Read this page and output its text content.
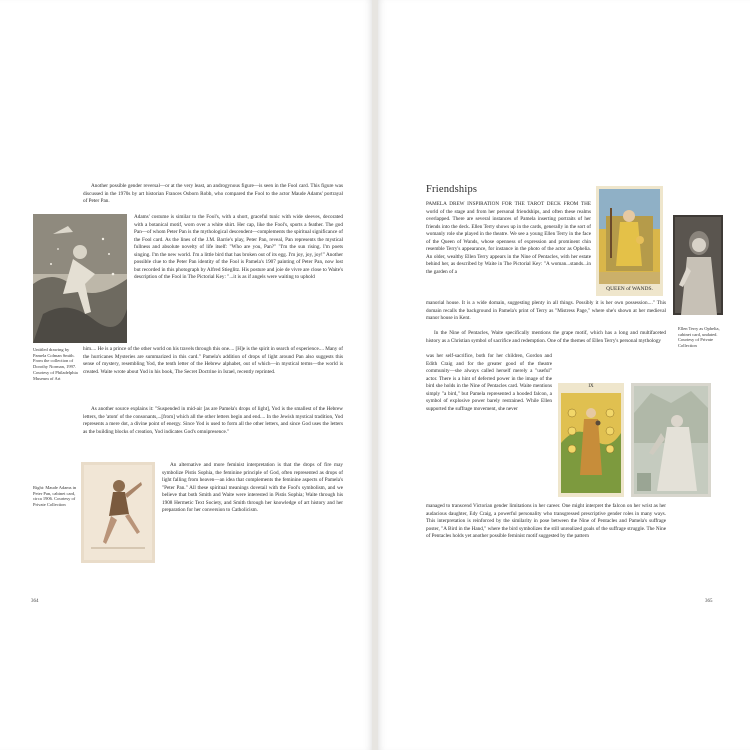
Another possible gender reversal—or at the very least, an androgynous figure—is seen in the Fool card. This figure was discussed in the 1970s by art historian Frances Osborn Robb, who compared the Fool to the actor Maude Adams' portrayal of Peter Pan.

Adams' costume is similar to the Fool's, with a short, graceful tunic with wide sleeves, decorated with a botanical motif, worn over a white shirt. Her cap, like the Fool's, sports a feather. The god Pan—of whom Peter Pan is the mythological descendent—complements the spiritual significance of the Fool card. As the lines of the J.M. Barrie's play, Peter Pan, reveal, Pan represents the mystical fullness and absolute novelty of life itself: "Who are you, Pan?" "I'm the sun rising. I'm poets singing. I'm the new world. I'm a little bird that has broken out of its egg. I'm joy, joy, joy!" Another possible clue to the Peter Pan identity of the Fool is Pamela's 1907 painting of Peter Pan, now lost but recorded in this photograph by Alfred Stieglitz. His posture and joie de vivre are close to Waite's description of the Fool in The Pictorial Key: "...it is as if angels were waiting to uphold

Untitled drawing by Pamela Colman Smith. From the collection of Dorothy Norman, 1997. Courtesy of Philadelphia Museum of Art

him.... He is a prince of the other world on his travels through this one.... [H]e is the spirit in search of experience.... Many of the hurricanes Mysteries are summarized in this card." Pamela's addition of drops of light around Pan also suggests this sense of mystery, resembling Yod, the tenth letter of the Hebrew alphabet, out of which—in mystical terms—the world is created. Waite wrote about Yod in his book, The Secret Doctrine in Israel, recently reprinted.

As another source explains it: "Suspended in mid-air [as are Pamela's drops of light], Yod is the smallest of the Hebrew letters, the 'atom' of the consonants,...[from] which all the other letters begin and end.... In the Jewish mystical tradition, Yod represents a mere dot, a divine point of energy. Since Yod is used to form all the other letters, and since God uses the letters as the building blocks of creation, Yod indicates God's omnipresence."

Right: Maude Adams in Peter Pan, cabinet card, circa 1906. Courtesy of Private Collection

An alternative and more feminist interpretation is that the drops of fire may symbolize Pistis Sophia, the feminine principle of God, often represented as drops of light falling from heaven—an idea that complements the feminine aspects of Pamela's "Peter Pan." All these spiritual meanings dovetail with the Fool's symbolism, and we believe that both Smith and Waite were interested in Pistis Sophia; Waite through his 1908 Hermetic Text Society, and Smith through her knowledge of art history and her preparation for her conversion to Catholicism.

364
Friendships

PAMELA DREW INSPIRATION FOR THE TAROT DECK FROM THE world of the stage and from her personal friendships, and often these realms overlapped. There are several instances of Pamela inserting portraits of her friends into the deck. Ellen Terry shows up in the cards, generally in the sort of womanly role she played in the theatre. We see a young Ellen Terry in the face of the Queen of Wands, whose openness of expression and prominent chin resemble Terry's appearance, for instance in the photo of the actor as Ophelia. An older, wealthy Ellen Terry appears in the Nine of Pentacles, with her estate behind her, as described by Waite in The Pictorial Key: "A woman...stands...in the garden of a

QUEEN of WANDS.
Ellen Terry as Ophelia, cabinet card, undated. Courtesy of Private Collection

manorial house. It is a wide domain, suggesting plenty in all things. Possibly it is her own possession...." This domain recalls the background in Pamela's print of Terry as "Mistress Page," where she's shown at her medieval manor house in Kent.

In the Nine of Pentacles, Waite specifically mentions the grape motif, which has a long and multifaceted history as a Christian symbol of sacrifice and redemption. One of the themes of Ellen Terry's personal mythology

was her self-sacrifice, both for her children, Gordon and Edith Craig and for the greater good of the theatre community—she always called herself merely a "useful" actor. There is a hint of deferred power in the image of the bird she holds in the Nine of Pentacles card. Waite mentions simply "a bird," but Pamela represented a hooded falcon, a symbol of explosive power barely restrained. While Ellen supported the suffrage movement, she never

IX

managed to transcend Victorian gender limitations in her career. One might interpret the falcon on her wrist as her audacious daughter, Edy Craig, a powerful personality who transgressed prescriptive gender roles in many ways. This interpretation is reinforced by the similarity in pose between the Nine of Pentacles and Pamela's suffrage poster, "A Bird in the Hand," where the bird symbolizes the still unrealized goals of the suffrage struggle. The Nine of Pentacles holds yet another possible feminist motif suggested by the pattern

365
